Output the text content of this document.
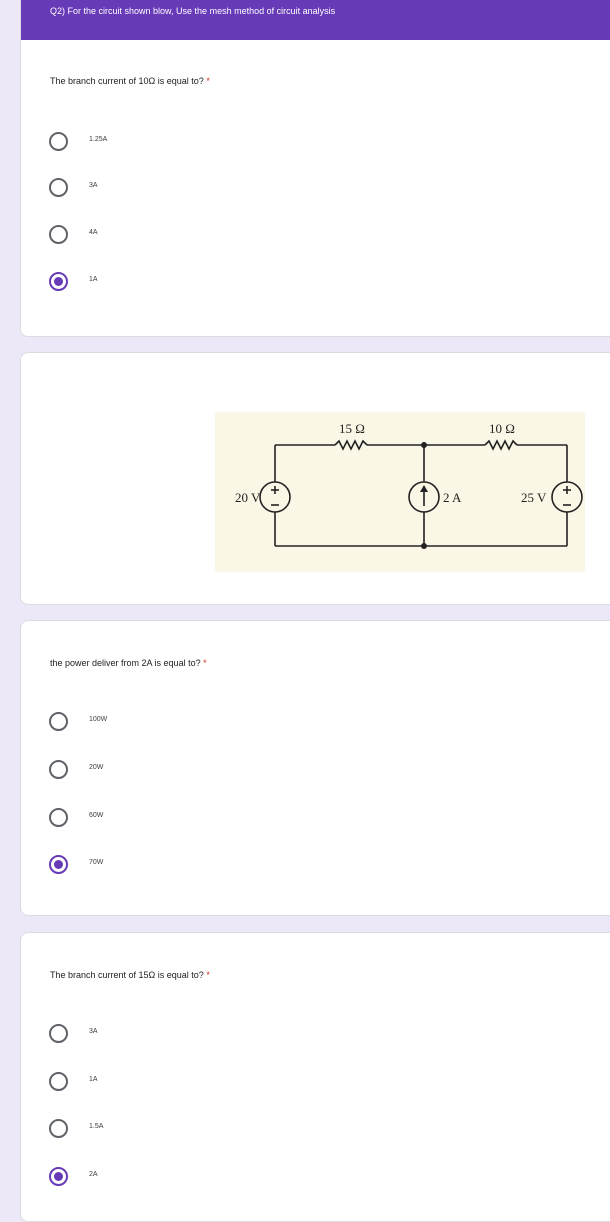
Q2) For the circuit shown blow, Use the mesh method of circuit analysis
The branch current of 10Ω is equal to? *
1.25A
3A
4A
1A
15 Ω	10 Ω
20 V	2 A	25 V
the power deliver from 2A is equal to? *
100W
20W
60W
70W
The branch current of 15Ω is equal to? *
3A
1A
1.5A
2A
